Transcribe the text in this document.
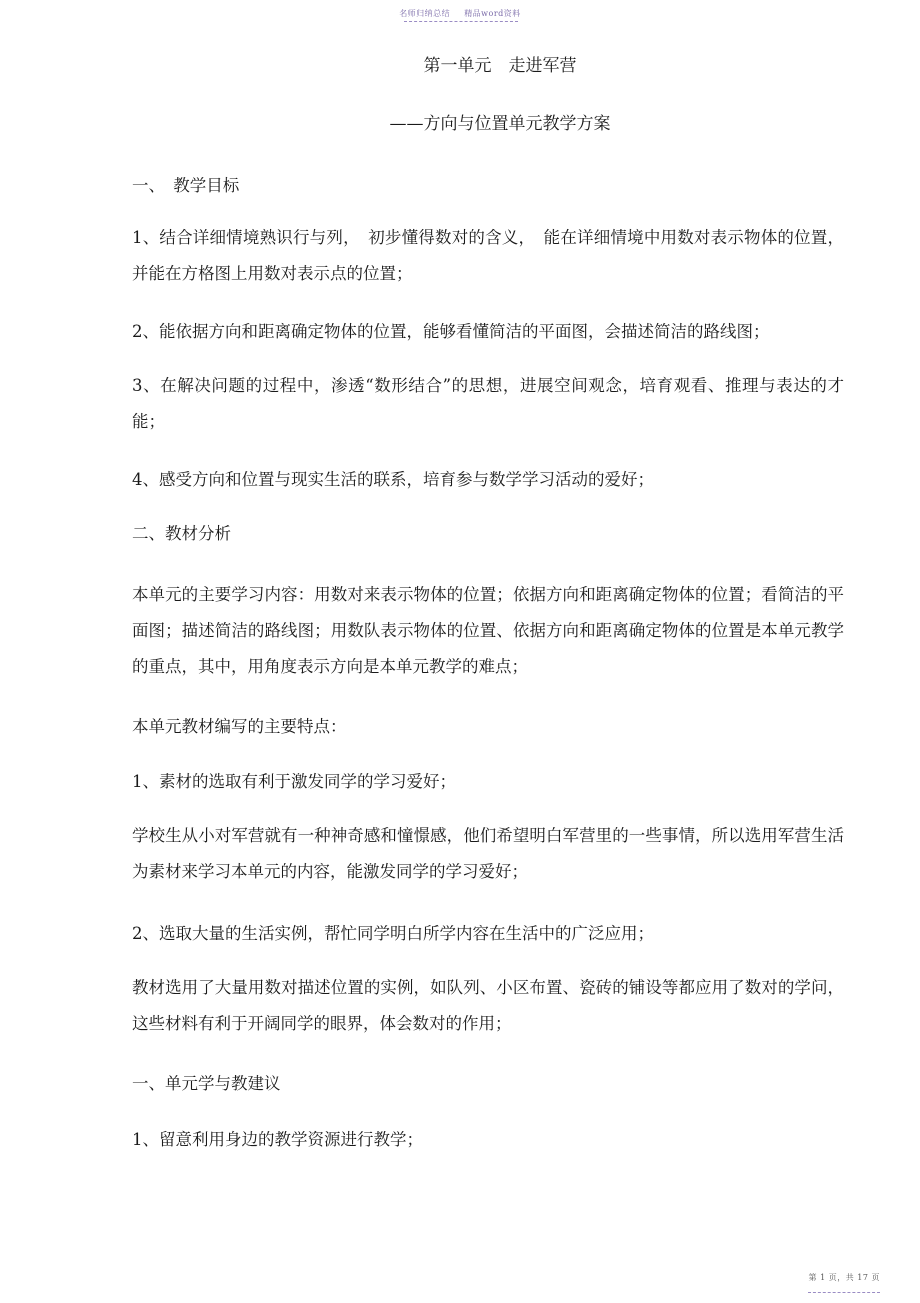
名师归纳总结 精品word资料
第一单元　走进军营
——方向与位置单元教学方案
一、　教学目标
1、结合详细情境熟识行与列，　初步懂得数对的含义，　能在详细情境中用数对表示物体的位置，并能在方格图上用数对表示点的位置；
2、能依据方向和距离确定物体的位置，能够看懂简洁的平面图，会描述简洁的路线图；
3、在解决问题的过程中，渗透“数形结合”的思想，进展空间观念，培育观看、推理与表达的才能；
4、感受方向和位置与现实生活的联系，培育参与数学学习活动的爱好；
二、教材分析
本单元的主要学习内容：用数对来表示物体的位置；依据方向和距离确定物体的位置；看简洁的平面图；描述简洁的路线图；用数队表示物体的位置、依据方向和距离确定物体的位置是本单元教学的重点，其中，用角度表示方向是本单元教学的难点；
本单元教材编写的主要特点：
1、素材的选取有利于激发同学的学习爱好；
学校生从小对军营就有一种神奇感和憧憬感，他们希望明白军营里的一些事情，所以选用军营生活为素材来学习本单元的内容，能激发同学的学习爱好；
2、选取大量的生活实例，帮忙同学明白所学内容在生活中的广泛应用；
教材选用了大量用数对描述位置的实例，如队列、小区布置、瓷砖的铺设等都应用了数对的学问，这些材料有利于开阔同学的眼界，体会数对的作用；
一、单元学与教建议
1、留意利用身边的教学资源进行教学；
第 1 页，共 17 页
